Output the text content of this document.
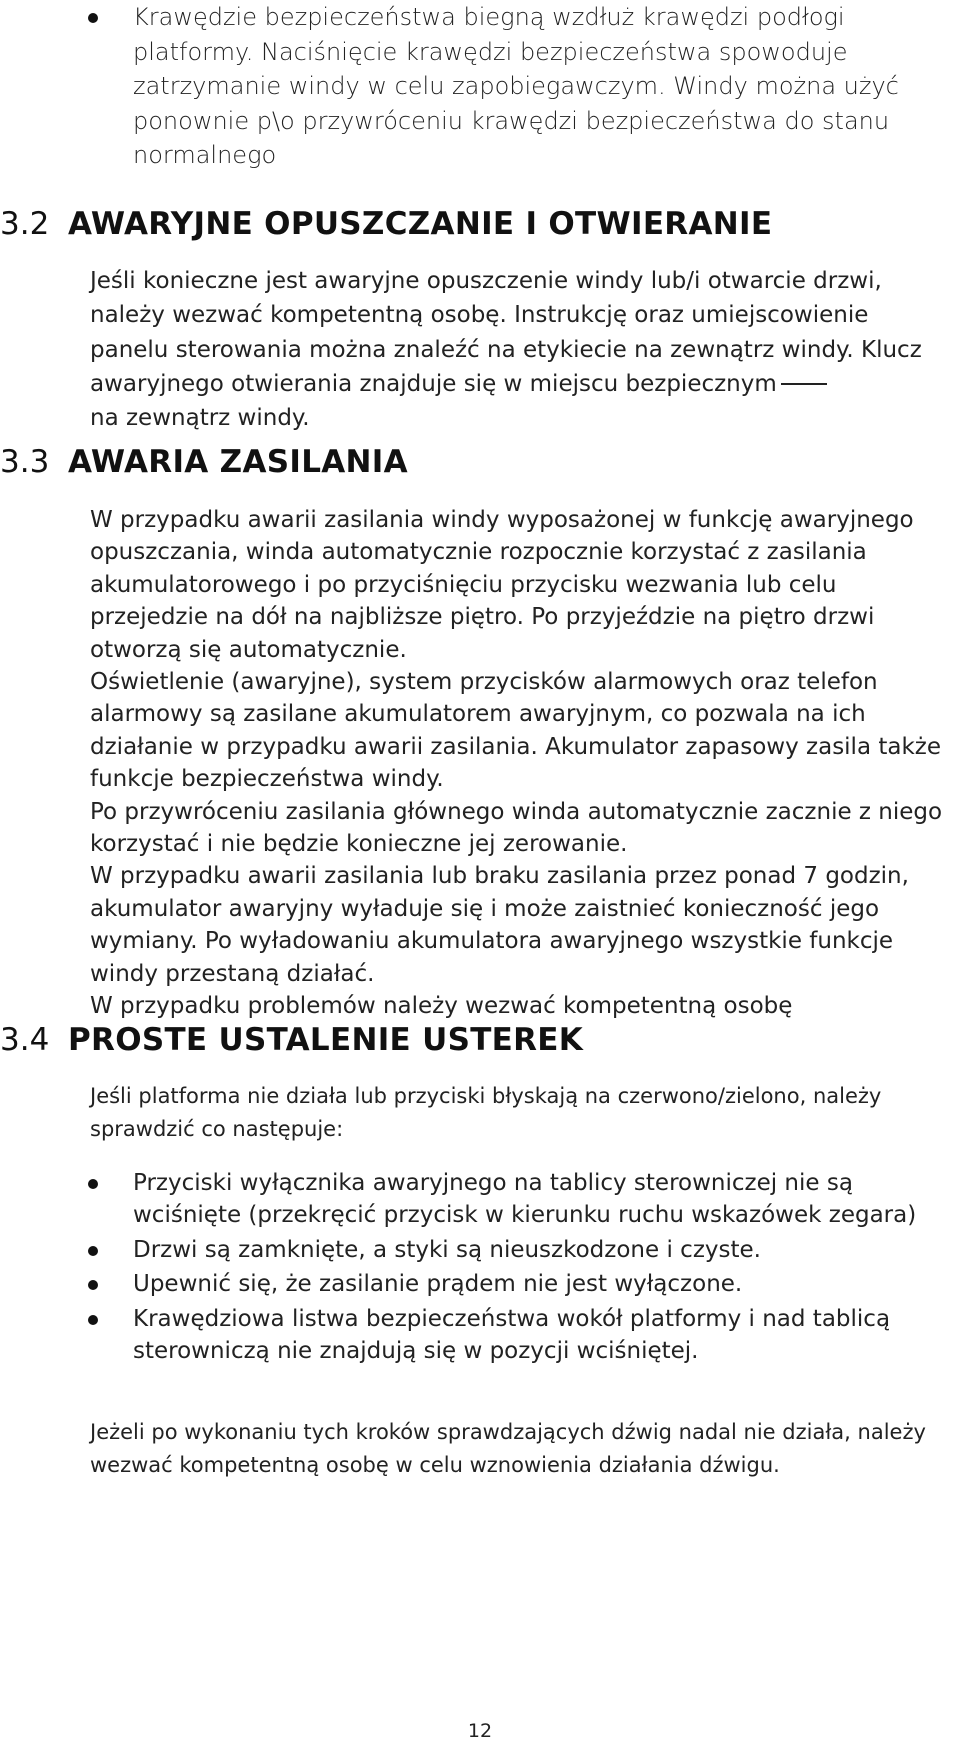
Krawędzie bezpieczeństwa biegną wzdłuż krawędzi podłogi platformy. Naciśnięcie krawędzi bezpieczeństwa spowoduje zatrzymanie windy w celu zapobiegawczym. Windy można użyć ponownie p\o przywróceniu krawędzi bezpieczeństwa do stanu normalnego
3.2 AWARYJNE OPUSZCZANIE I OTWIERANIE

Jeśli konieczne jest awaryjne opuszczenie windy lub/i otwarcie drzwi, należy wezwać kompetentną osobę. Instrukcję oraz umiejscowienie panelu sterowania można znaleźć na etykiecie na zewnątrz windy. Klucz awaryjnego otwierania znajduje się w miejscu bezpiecznym
na zewnątrz windy.

3.3 AWARIA ZASILANIA

W przypadku awarii zasilania windy wyposażonej w funkcję awaryjnego opuszczania, winda automatycznie rozpocznie korzystać z zasilania akumulatorowego i po przyciśnięciu przycisku wezwania lub celu przejedzie na dół na najbliższe piętro. Po przyjeździe na piętro drzwi otworzą się automatycznie.

Oświetlenie (awaryjne), system przycisków alarmowych oraz telefon alarmowy są zasilane akumulatorem awaryjnym, co pozwala na ich działanie w przypadku awarii zasilania. Akumulator zapasowy zasila także funkcje bezpieczeństwa windy.

Po przywróceniu zasilania głównego winda automatycznie zacznie z niego korzystać i nie będzie konieczne jej zerowanie.

W przypadku awarii zasilania lub braku zasilania przez ponad 7 godzin, akumulator awaryjny wyładuje się i może zaistnieć konieczność jego wymiany. Po wyładowaniu akumulatora awaryjnego wszystkie funkcje windy przestaną działać.

W przypadku problemów należy wezwać kompetentną osobę

3.4 PROSTE USTALENIE USTEREK

Jeśli platforma nie działa lub przyciski błyskają na czerwono/zielono, należy sprawdzić co następuje:

Przyciski wyłącznika awaryjnego na tablicy sterowniczej nie są wciśnięte (przekręcić przycisk w kierunku ruchu wskazówek zegara)
Drzwi są zamknięte, a styki są nieuszkodzone i czyste.
Upewnić się, że zasilanie prądem nie jest wyłączone.
Krawędziowa listwa bezpieczeństwa wokół platformy i nad tablicą sterowniczą nie znajdują się w pozycji wciśniętej.

Jeżeli po wykonaniu tych kroków sprawdzających dźwig nadal nie działa, należy wezwać kompetentną osobę w celu wznowienia działania dźwigu.

12
